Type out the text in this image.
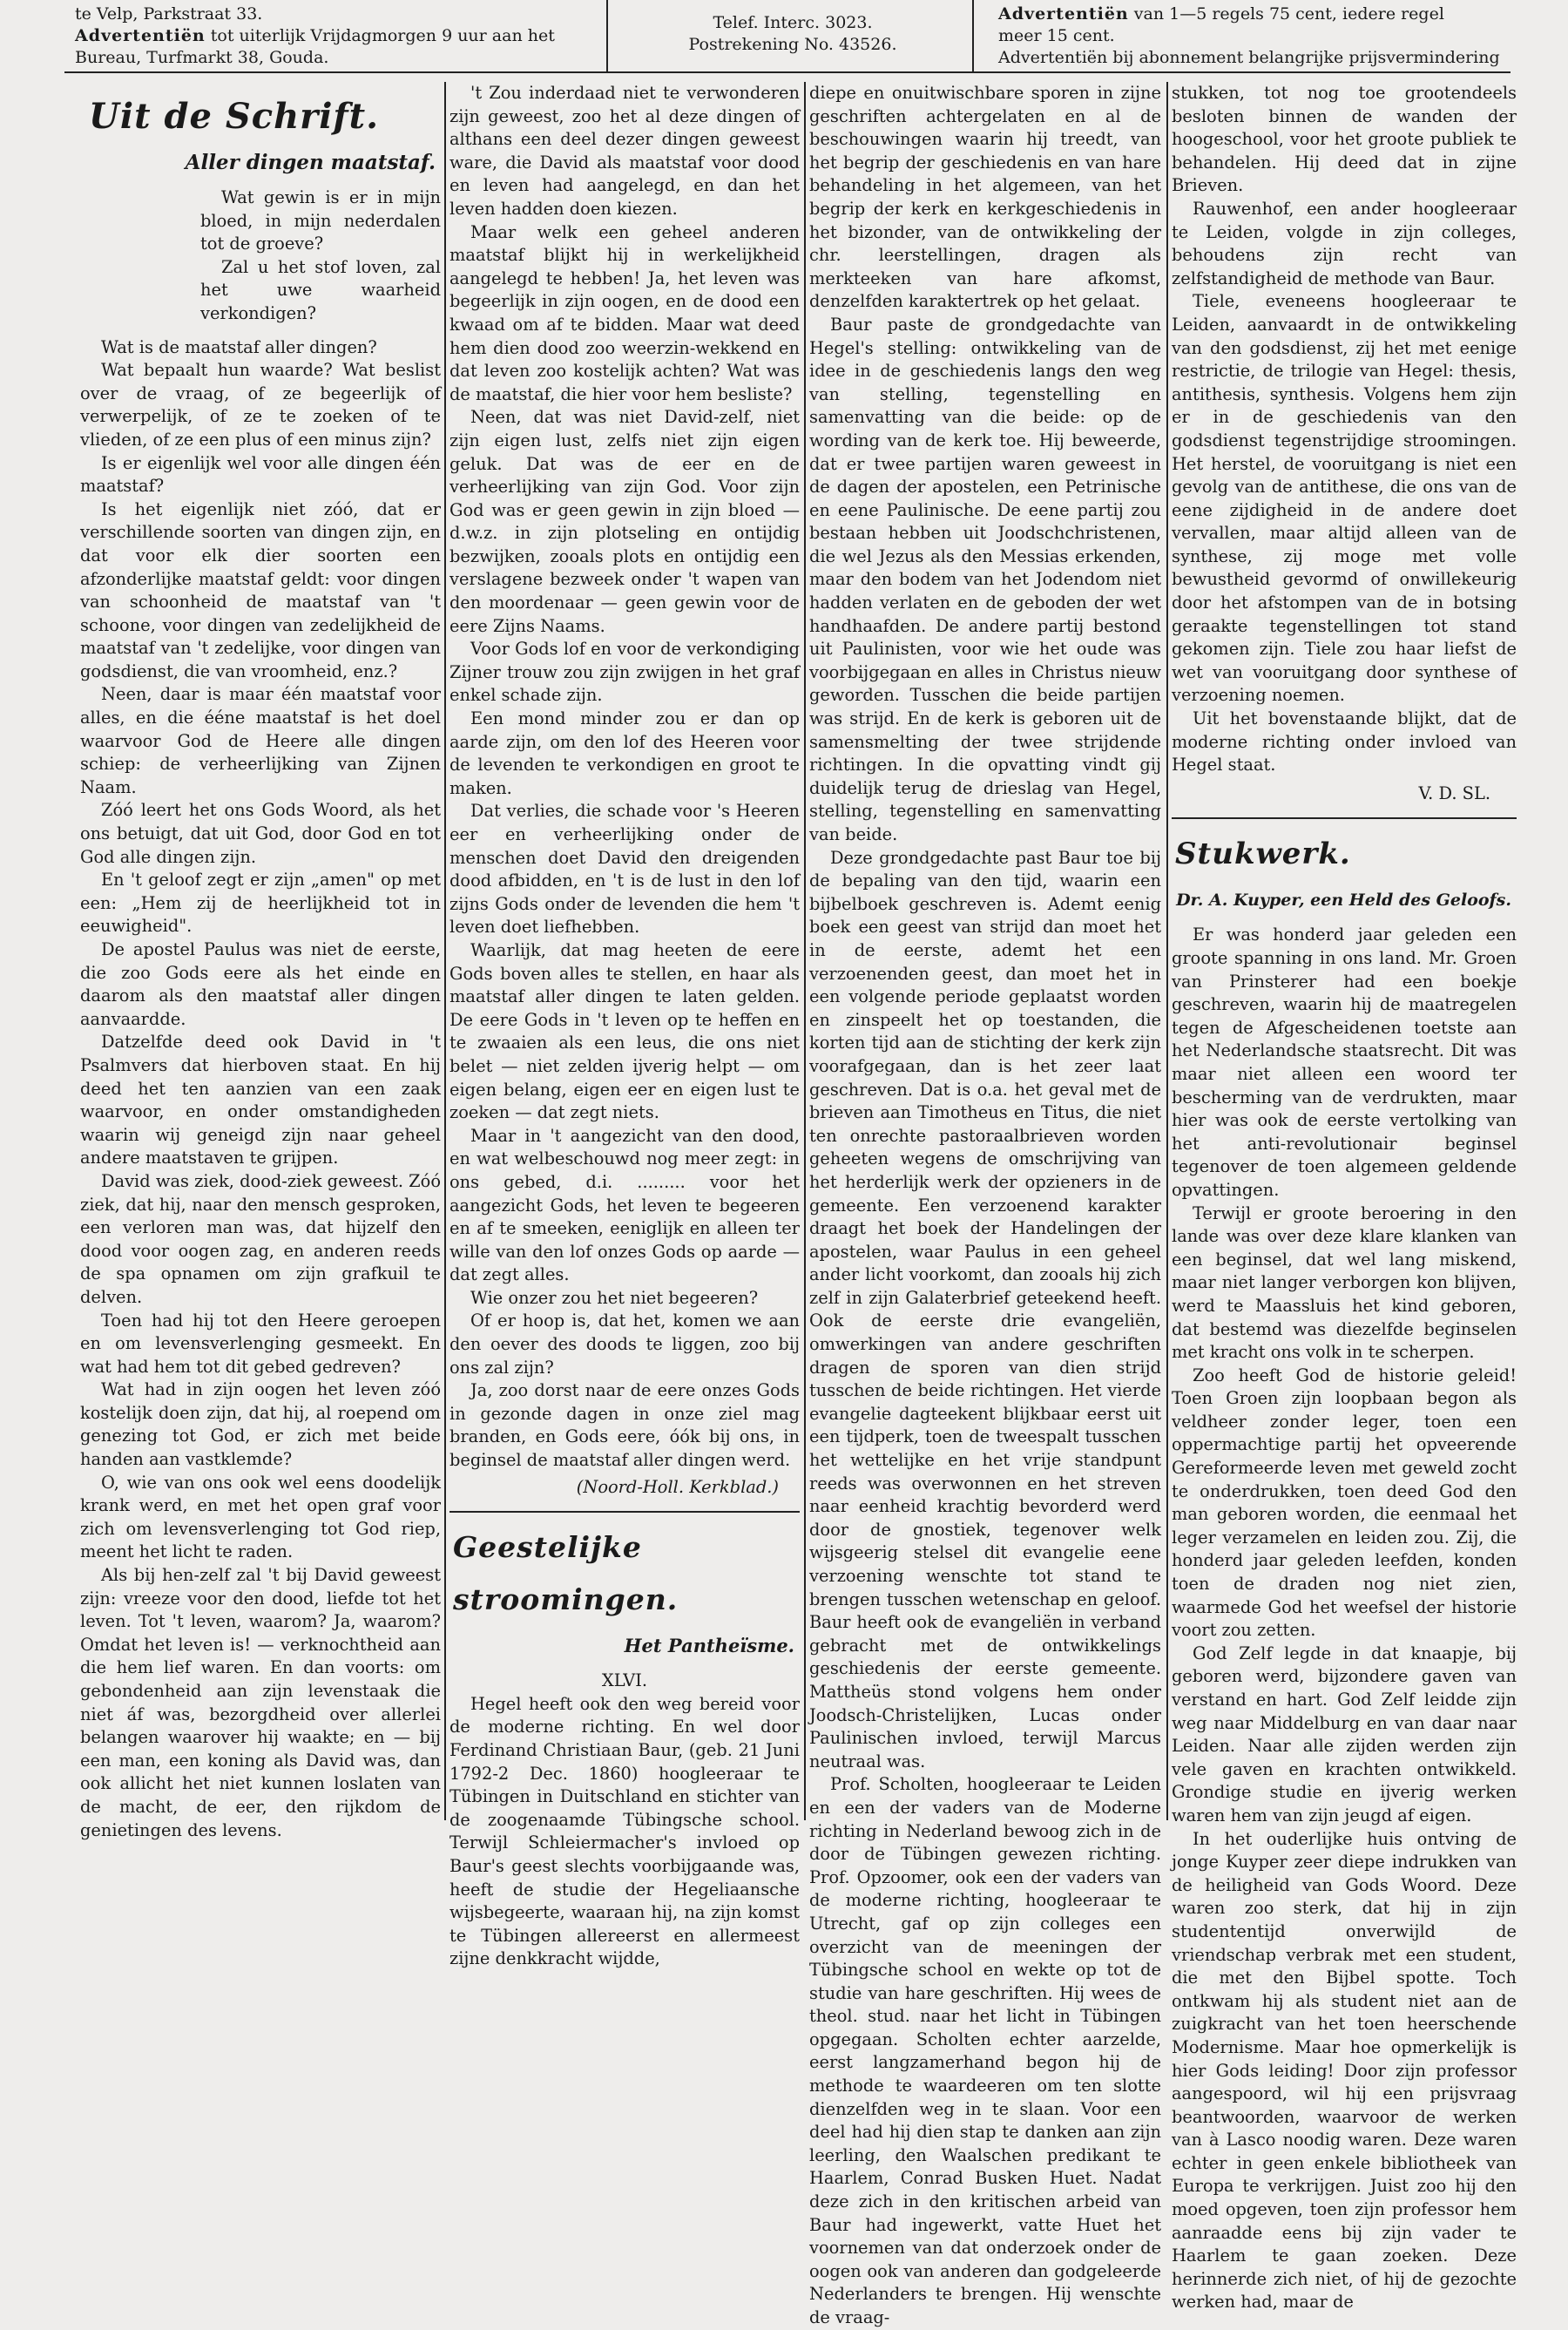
te Velp, Parkstraat 33.
Advertentiën tot uiterlijk Vrijdagmorgen 9 uur aan het
Bureau, Turfmarkt 38, Gouda.
Telef. Interc. 3023.
Postrekening No. 43526.
Advertentiën van 1—5 regels 75 cent, iedere regel
meer 15 cent.
Advertentiën bij abonnement belangrijke prijsvermindering
Uit de Schrift.
Aller dingen maatstaf.

Wat gewin is er in mijn bloed, in mijn nederdalen tot de groeve?

Zal u het stof loven, zal het uwe waarheid verkondigen?

Wat is de maatstaf aller dingen?

Wat bepaalt hun waarde? Wat beslist over de vraag, of ze begeerlijk of verwerpelijk, of ze te zoeken of te vlieden, of ze een plus of een minus zijn?

Is er eigenlijk wel voor alle dingen één maatstaf?

Is het eigenlijk niet zóó, dat er verschillende soorten van dingen zijn, en dat voor elk dier soorten een afzonderlijke maatstaf geldt: voor dingen van schoonheid de maatstaf van 't schoone, voor dingen van zedelijkheid de maatstaf van 't zedelijke, voor dingen van godsdienst, die van vroomheid, enz.?

Neen, daar is maar één maatstaf voor alles, en die ééne maatstaf is het doel waarvoor God de Heere alle dingen schiep: de verheerlijking van Zijnen Naam.

Zóó leert het ons Gods Woord, als het ons betuigt, dat uit God, door God en tot God alle dingen zijn.

En 't geloof zegt er zijn „amen" op met een: „Hem zij de heerlijkheid tot in eeuwigheid".

De apostel Paulus was niet de eerste, die zoo Gods eere als het einde en daarom als den maatstaf aller dingen aanvaardde.

Datzelfde deed ook David in 't Psalmvers dat hierboven staat. En hij deed het ten aanzien van een zaak waarvoor, en onder omstandigheden waarin wij geneigd zijn naar geheel andere maatstaven te grijpen.

David was ziek, dood-ziek geweest. Zóó ziek, dat hij, naar den mensch gesproken, een verloren man was, dat hijzelf den dood voor oogen zag, en anderen reeds de spa opnamen om zijn grafkuil te delven.

Toen had hij tot den Heere geroepen en om levensverlenging gesmeekt. En wat had hem tot dit gebed gedreven?

Wat had in zijn oogen het leven zóó kostelijk doen zijn, dat hij, al roepend om genezing tot God, er zich met beide handen aan vastklemde?

O, wie van ons ook wel eens doodelijk krank werd, en met het open graf voor zich om levensverlenging tot God riep, meent het licht te raden.

Als bij hen-zelf zal 't bij David geweest zijn: vreeze voor den dood, liefde tot het leven. Tot 't leven, waarom? Ja, waarom? Omdat het leven is! — verknochtheid aan die hem lief waren. En dan voorts: om gebondenheid aan zijn levenstaak die niet áf was, bezorgdheid over allerlei belangen waarover hij waakte; en — bij een man, een koning als David was, dan ook allicht het niet kunnen loslaten van de macht, de eer, den rijkdom de genietingen des levens.

't Zou inderdaad niet te verwonderen zijn geweest, zoo het al deze dingen of althans een deel dezer dingen geweest ware, die David als maatstaf voor dood en leven had aangelegd, en dan het leven hadden doen kiezen.

Maar welk een geheel anderen maatstaf blijkt hij in werkelijkheid aangelegd te hebben! Ja, het leven was begeerlijk in zijn oogen, en de dood een kwaad om af te bidden. Maar wat deed hem dien dood zoo weerzin-wekkend en dat leven zoo kostelijk achten? Wat was de maatstaf, die hier voor hem besliste?

Neen, dat was niet David-zelf, niet zijn eigen lust, zelfs niet zijn eigen geluk. Dat was de eer en de verheerlijking van zijn God. Voor zijn God was er geen gewin in zijn bloed — d.w.z. in zijn plotseling en ontijdig bezwijken, zooals plots en ontijdig een verslagene bezweek onder 't wapen van den moordenaar — geen gewin voor de eere Zijns Naams.

Voor Gods lof en voor de verkondiging Zijner trouw zou zijn zwijgen in het graf enkel schade zijn.

Een mond minder zou er dan op aarde zijn, om den lof des Heeren voor de levenden te verkondigen en groot te maken.

Dat verlies, die schade voor 's Heeren eer en verheerlijking onder de menschen doet David den dreigenden dood afbidden, en 't is de lust in den lof zijns Gods onder de levenden die hem 't leven doet liefhebben.

Waarlijk, dat mag heeten de eere Gods boven alles te stellen, en haar als maatstaf aller dingen te laten gelden. De eere Gods in 't leven op te heffen en te zwaaien als een leus, die ons niet belet — niet zelden ijverig helpt — om eigen belang, eigen eer en eigen lust te zoeken — dat zegt niets.

Maar in 't aangezicht van den dood, en wat welbeschouwd nog meer zegt: in ons gebed, d.i. ......... voor het aangezicht Gods, het leven te begeeren en af te smeeken, eeniglijk en alleen ter wille van den lof onzes Gods op aarde — dat zegt alles.

Wie onzer zou het niet begeeren?

Of er hoop is, dat het, komen we aan den oever des doods te liggen, zoo bij ons zal zijn?

Ja, zoo dorst naar de eere onzes Gods in gezonde dagen in onze ziel mag branden, en Gods eere, óók bij ons, in beginsel de maatstaf aller dingen werd.

(Noord-Holl. Kerkblad.)

Geestelijke stroomingen.
Het Pantheïsme.

XLVI.

Hegel heeft ook den weg bereid voor de moderne richting. En wel door Ferdinand Christiaan Baur, (geb. 21 Juni 1792-2 Dec. 1860) hoogleeraar te Tübingen in Duitschland en stichter van de zoogenaamde Tübingsche school. Terwijl Schleiermacher's invloed op Baur's geest slechts voorbijgaande was, heeft de studie der Hegeliaansche wijsbegeerte, waaraan hij, na zijn komst te Tübingen allereerst en allermeest zijne denkkracht wijdde,

diepe en onuitwischbare sporen in zijne geschriften achtergelaten en al de beschouwingen waarin hij treedt, van het begrip der geschiedenis en van hare behandeling in het algemeen, van het begrip der kerk en kerkgeschiedenis in het bizonder, van de ontwikkeling der chr. leerstellingen, dragen als merkteeken van hare afkomst, denzelfden karaktertrek op het gelaat.

Baur paste de grondgedachte van Hegel's stelling: ontwikkeling van de idee in de geschiedenis langs den weg van stelling, tegenstelling en samenvatting van die beide: op de wording van de kerk toe. Hij beweerde, dat er twee partijen waren geweest in de dagen der apostelen, een Petrinische en eene Paulinische. De eene partij zou bestaan hebben uit Joodschchristenen, die wel Jezus als den Messias erkenden, maar den bodem van het Jodendom niet hadden verlaten en de geboden der wet handhaafden. De andere partij bestond uit Paulinisten, voor wie het oude was voorbijgegaan en alles in Christus nieuw geworden. Tusschen die beide partijen was strijd. En de kerk is geboren uit de samensmelting der twee strijdende richtingen. In die opvatting vindt gij duidelijk terug de drieslag van Hegel, stelling, tegenstelling en samenvatting van beide.

Deze grondgedachte past Baur toe bij de bepaling van den tijd, waarin een bijbelboek geschreven is. Ademt eenig boek een geest van strijd dan moet het in de eerste, ademt het een verzoenenden geest, dan moet het in een volgende periode geplaatst worden en zinspeelt het op toestanden, die korten tijd aan de stichting der kerk zijn voorafgegaan, dan is het zeer laat geschreven. Dat is o.a. het geval met de brieven aan Timotheus en Titus, die niet ten onrechte pastoraalbrieven worden geheeten wegens de omschrijving van het herderlijk werk der opzieners in de gemeente. Een verzoenend karakter draagt het boek der Handelingen der apostelen, waar Paulus in een geheel ander licht voorkomt, dan zooals hij zich zelf in zijn Galaterbrief geteekend heeft. Ook de eerste drie evangeliën, omwerkingen van andere geschriften dragen de sporen van dien strijd tusschen de beide richtingen. Het vierde evangelie dagteekent blijkbaar eerst uit een tijdperk, toen de tweespalt tusschen het wettelijke en het vrije standpunt reeds was overwonnen en het streven naar eenheid krachtig bevorderd werd door de gnostiek, tegenover welk wijsgeerig stelsel dit evangelie eene verzoening wenschte tot stand te brengen tusschen wetenschap en geloof. Baur heeft ook de evangeliën in verband gebracht met de ontwikkelings geschiedenis der eerste gemeente. Mattheüs stond volgens hem onder Joodsch-Christelijken, Lucas onder Paulinischen invloed, terwijl Marcus neutraal was.

Prof. Scholten, hoogleeraar te Leiden en een der vaders van de Moderne richting in Nederland bewoog zich in de door de Tübingen gewezen richting. Prof. Opzoomer, ook een der vaders van de moderne richting, hoogleeraar te Utrecht, gaf op zijn colleges een overzicht van de meeningen der Tübingsche school en wekte op tot de studie van hare geschriften. Hij wees de theol. stud. naar het licht in Tübingen opgegaan. Scholten echter aarzelde, eerst langzamerhand begon hij de methode te waardeeren om ten slotte dienzelfden weg in te slaan. Voor een deel had hij dien stap te danken aan zijn leerling, den Waalschen predikant te Haarlem, Conrad Busken Huet. Nadat deze zich in den kritischen arbeid van Baur had ingewerkt, vatte Huet het voornemen van dat onderzoek onder de oogen ook van anderen dan godgeleerde Nederlanders te brengen. Hij wenschte de vraag-

stukken, tot nog toe grootendeels besloten binnen de wanden der hoogeschool, voor het groote publiek te behandelen. Hij deed dat in zijne Brieven.

Rauwenhof, een ander hoogleeraar te Leiden, volgde in zijn colleges, behoudens zijn recht van zelfstandigheid de methode van Baur.

Tiele, eveneens hoogleeraar te Leiden, aanvaardt in de ontwikkeling van den godsdienst, zij het met eenige restrictie, de trilogie van Hegel: thesis, antithesis, synthesis. Volgens hem zijn er in de geschiedenis van den godsdienst tegenstrijdige stroomingen. Het herstel, de vooruitgang is niet een gevolg van de antithese, die ons van de eene zijdigheid in de andere doet vervallen, maar altijd alleen van de synthese, zij moge met volle bewustheid gevormd of onwillekeurig door het afstompen van de in botsing geraakte tegenstellingen tot stand gekomen zijn. Tiele zou haar liefst de wet van vooruitgang door synthese of verzoening noemen.

Uit het bovenstaande blijkt, dat de moderne richting onder invloed van Hegel staat.

V. D. SL.

Stukwerk.
Dr. A. Kuyper, een Held des Geloofs.

Er was honderd jaar geleden een groote spanning in ons land. Mr. Groen van Prinsterer had een boekje geschreven, waarin hij de maatregelen tegen de Afgescheidenen toetste aan het Nederlandsche staatsrecht. Dit was maar niet alleen een woord ter bescherming van de verdrukten, maar hier was ook de eerste vertolking van het anti-revolutionair beginsel tegenover de toen algemeen geldende opvattingen.

Terwijl er groote beroering in den lande was over deze klare klanken van een beginsel, dat wel lang miskend, maar niet langer verborgen kon blijven, werd te Maassluis het kind geboren, dat bestemd was diezelfde beginselen met kracht ons volk in te scherpen.

Zoo heeft God de historie geleid! Toen Groen zijn loopbaan begon als veldheer zonder leger, toen een oppermachtige partij het opveerende Gereformeerde leven met geweld zocht te onderdrukken, toen deed God den man geboren worden, die eenmaal het leger verzamelen en leiden zou. Zij, die honderd jaar geleden leefden, konden toen de draden nog niet zien, waarmede God het weefsel der historie voort zou zetten.

God Zelf legde in dat knaapje, bij geboren werd, bijzondere gaven van verstand en hart. God Zelf leidde zijn weg naar Middelburg en van daar naar Leiden. Naar alle zijden werden zijn vele gaven en krachten ontwikkeld. Grondige studie en ijverig werken waren hem van zijn jeugd af eigen.

In het ouderlijke huis ontving de jonge Kuyper zeer diepe indrukken van de heiligheid van Gods Woord. Deze waren zoo sterk, dat hij in zijn studententijd onverwijld de vriendschap verbrak met een student, die met den Bijbel spotte. Toch ontkwam hij als student niet aan de zuigkracht van het toen heerschende Modernisme. Maar hoe opmerkelijk is hier Gods leiding! Door zijn professor aangespoord, wil hij een prijsvraag beantwoorden, waarvoor de werken van à Lasco noodig waren. Deze waren echter in geen enkele bibliotheek van Europa te verkrijgen. Juist zoo hij den moed opgeven, toen zijn professor hem aanraadde eens bij zijn vader te Haarlem te gaan zoeken. Deze herinnerde zich niet, of hij de gezochte werken had, maar de
